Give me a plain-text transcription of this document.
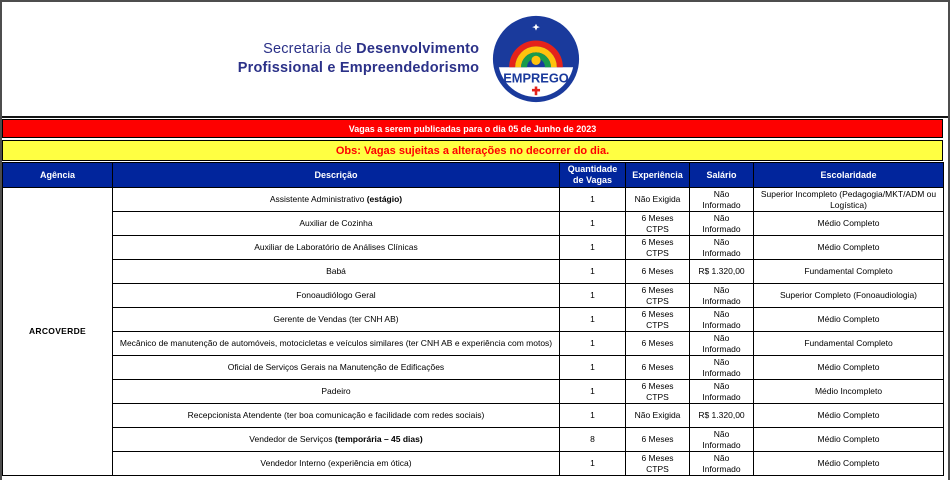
Secretaria de Desenvolvimento
Profissional e Empreendedorismo
EMPREGO
Vagas a serem publicadas para o dia 05 de Junho de 2023
Obs: Vagas sujeitas a alterações no decorrer do dia.
Agência	Descrição	Quantidade de Vagas	Experiência	Salário	Escolaridade
ARCOVERDE	Assistente Administrativo (estágio)	1	Não Exigida	Não Informado	Superior Incompleto (Pedagogia/MKT/ADM ou Logística)
	Auxiliar de Cozinha	1	6 Meses CTPS	Não Informado	Médio Completo
	Auxiliar de Laboratório de Análises Clínicas	1	6 Meses CTPS	Não Informado	Médio Completo
	Babá	1	6 Meses	R$ 1.320,00	Fundamental Completo
	Fonoaudiólogo Geral	1	6 Meses CTPS	Não Informado	Superior Completo (Fonoaudiologia)
	Gerente de Vendas (ter CNH AB)	1	6 Meses CTPS	Não Informado	Médio Completo
	Mecânico de manutenção de automóveis, motocicletas e veículos similares (ter CNH AB e experiência com motos)	1	6 Meses	Não Informado	Fundamental Completo
	Oficial de Serviços Gerais na Manutenção de Edificações	1	6 Meses	Não Informado	Médio Completo
	Padeiro	1	6 Meses CTPS	Não Informado	Médio Incompleto
	Recepcionista Atendente (ter boa comunicação e facilidade com redes sociais)	1	Não Exigida	R$ 1.320,00	Médio Completo
	Vendedor de Serviços (temporária – 45 dias)	8	6 Meses	Não Informado	Médio Completo
	Vendedor Interno (experiência em ótica)	1	6 Meses CTPS	Não Informado	Médio Completo
